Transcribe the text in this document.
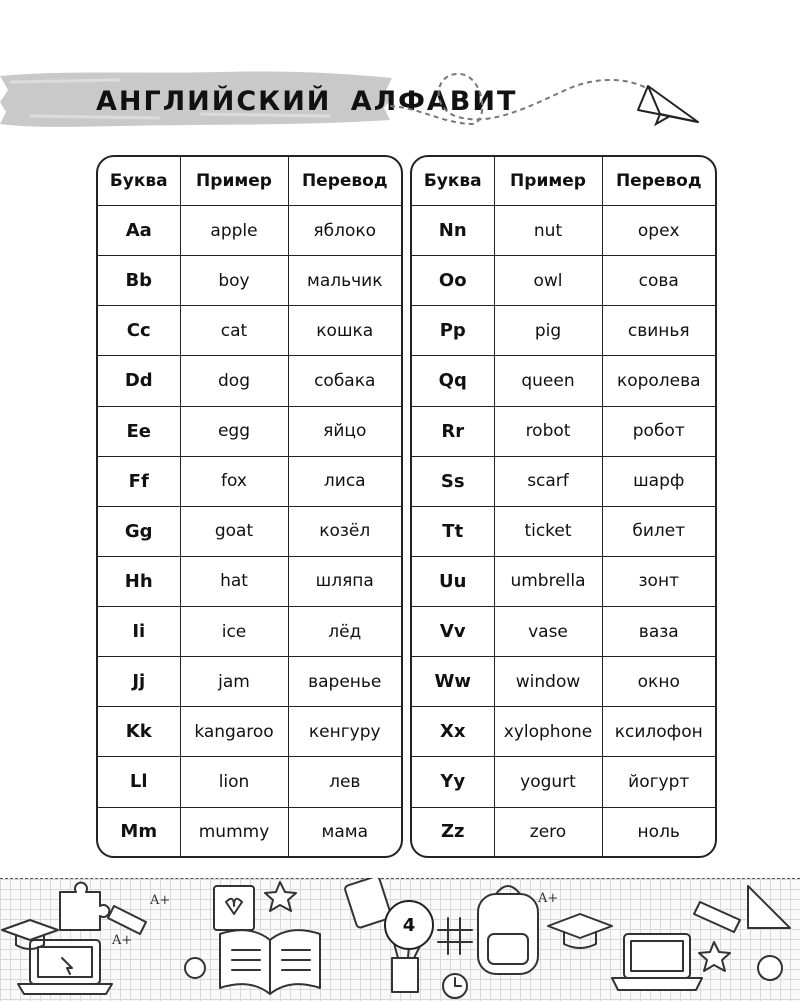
АНГЛИЙСКИЙ АЛФАВИТ
Буква	Пример	Перевод
Aa	apple	яблоко
Bb	boy	мальчик
Cc	cat	кошка
Dd	dog	собака
Ee	egg	яйцо
Ff	fox	лиса
Gg	goat	козёл
Hh	hat	шляпа
Ii	ice	лёд
Jj	jam	варенье
Kk	kangaroo	кенгуру
Ll	lion	лев
Mm	mummy	мама
Буква	Пример	Перевод
Nn	nut	орех
Oo	owl	сова
Pp	pig	свинья
Qq	queen	королева
Rr	robot	робот
Ss	scarf	шарф
Tt	ticket	билет
Uu	umbrella	зонт
Vv	vase	ваза
Ww	window	окно
Xx	xylophone	ксилофон
Yy	yogurt	йогурт
Zz	zero	ноль
A+
A+
A+
4
